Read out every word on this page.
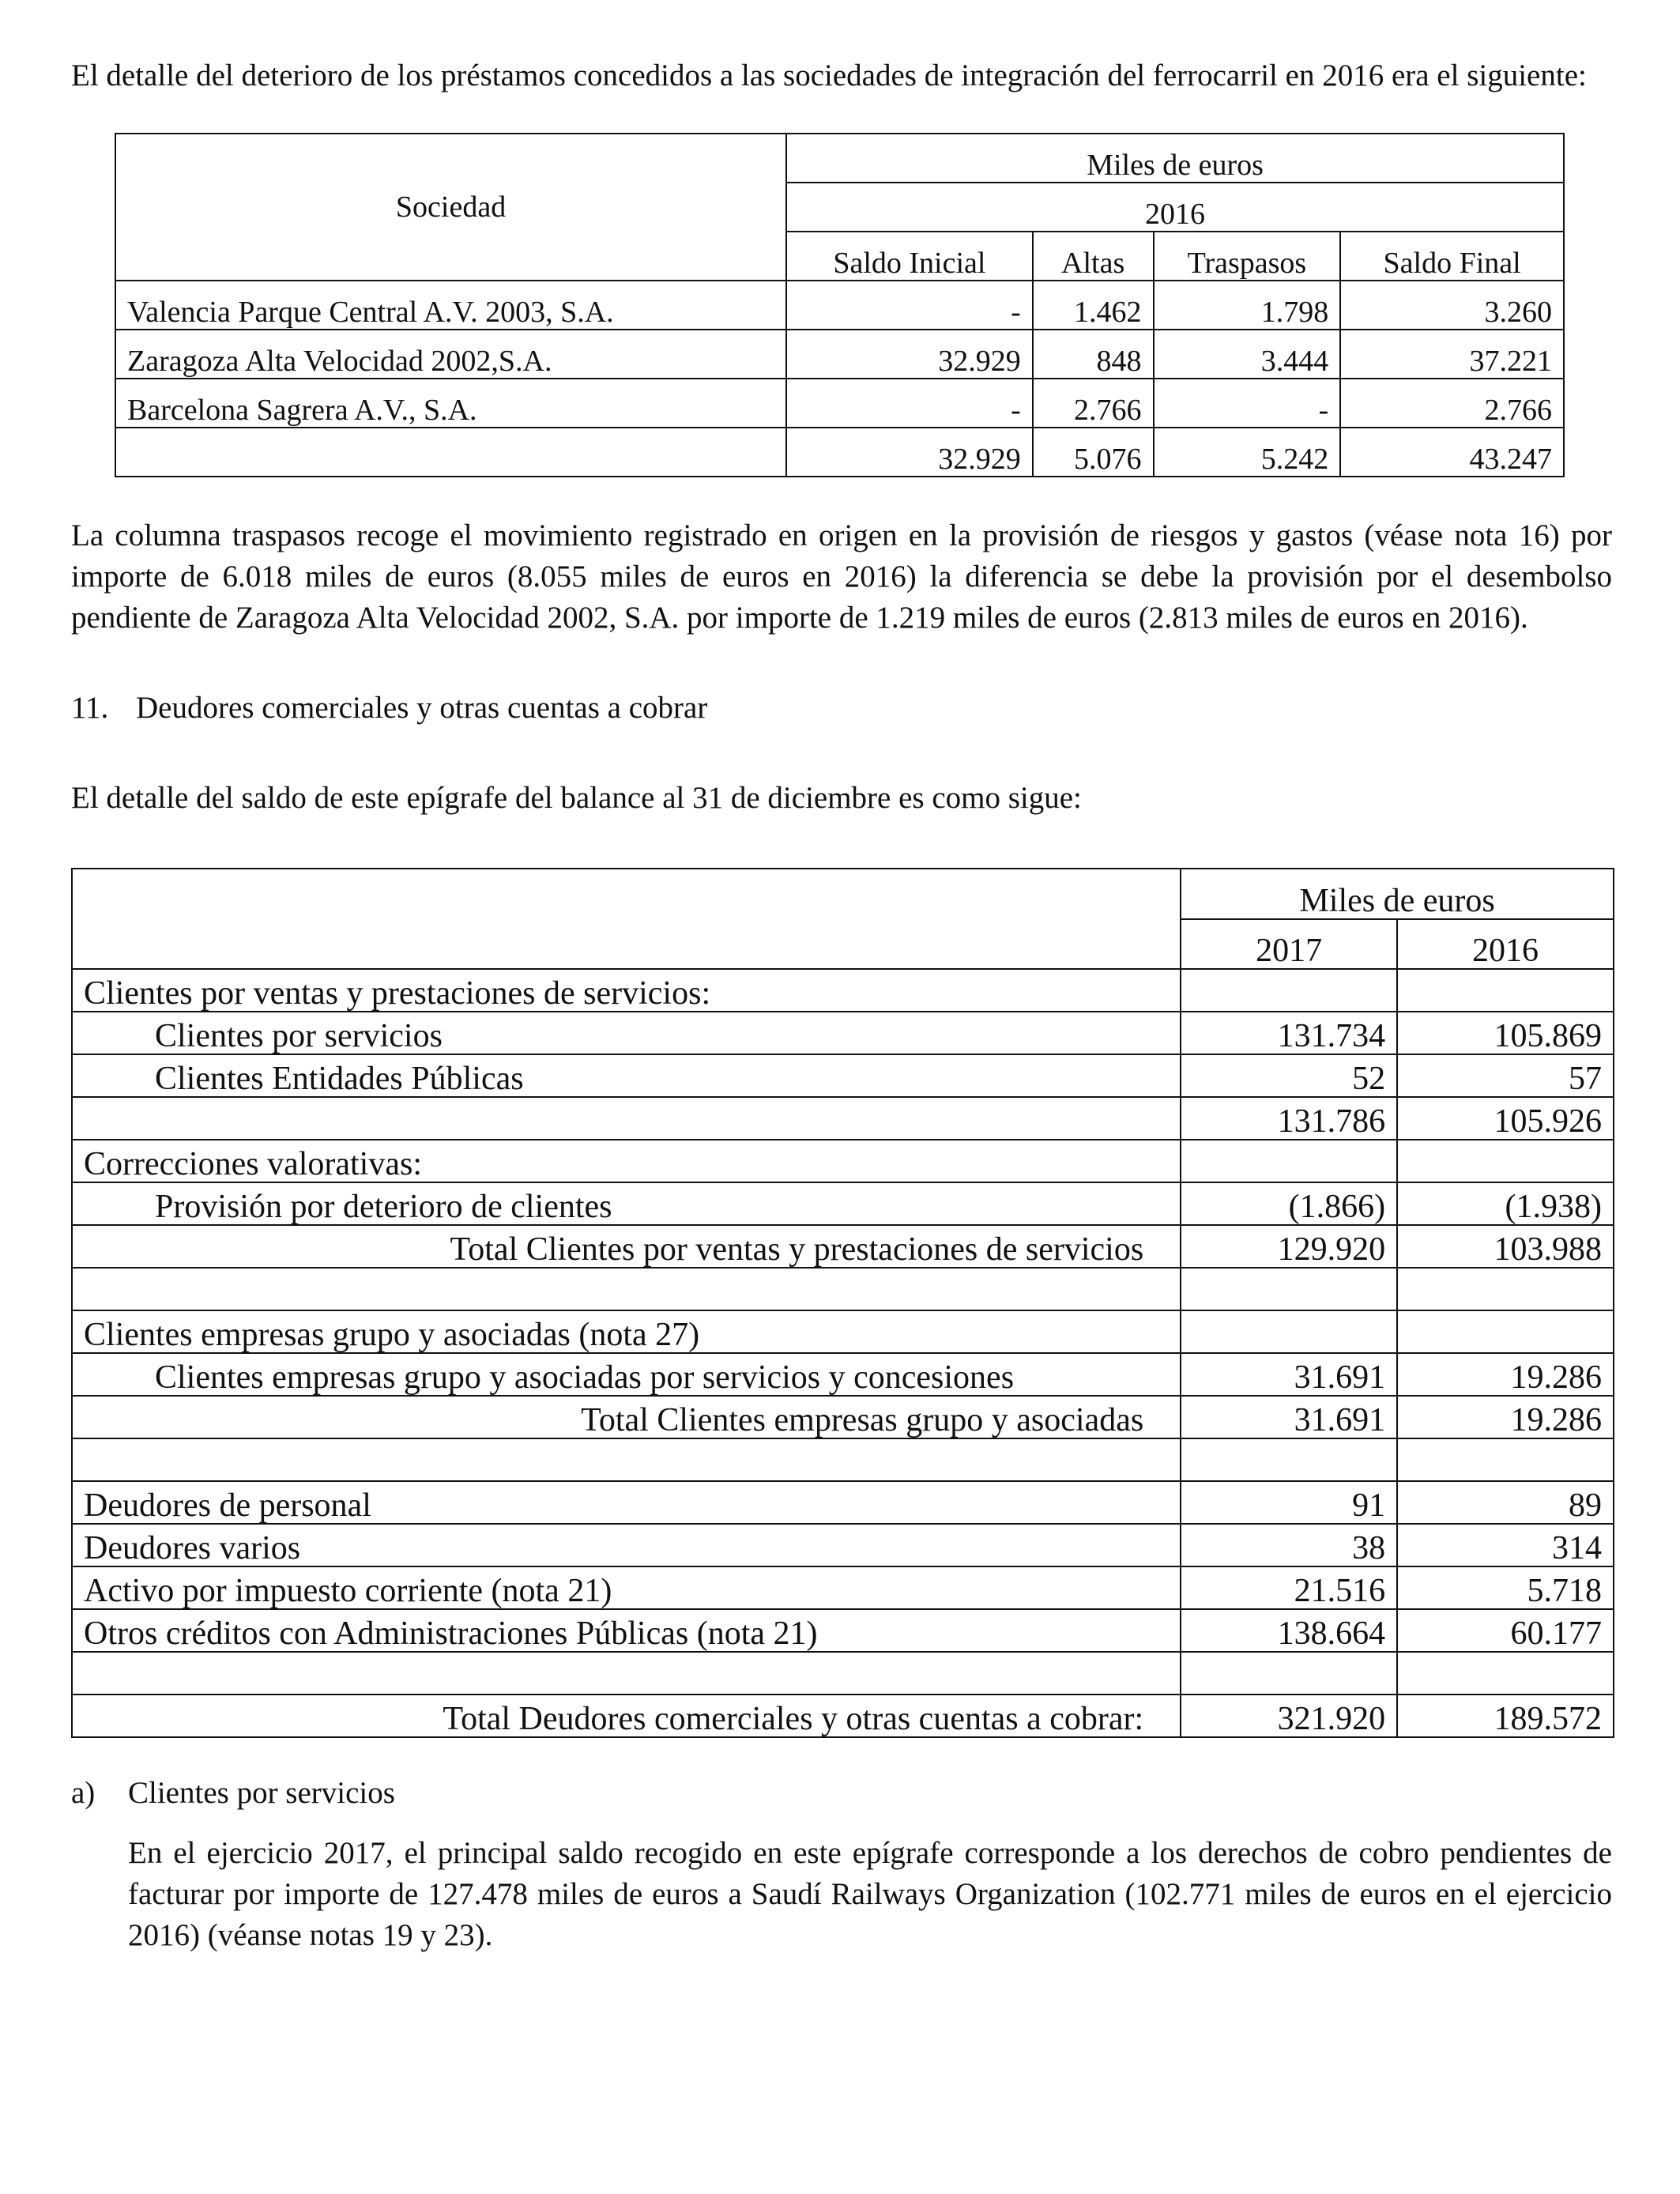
El detalle del deterioro de los préstamos concedidos a las sociedades de integración del ferrocarril en 2016 era el siguiente:

Sociedad	Miles de euros			
	2016			
	Saldo Inicial	Altas	Traspasos	Saldo Final
Valencia Parque Central A.V. 2003, S.A.	-	1.462	1.798	3.260
Zaragoza Alta Velocidad 2002,S.A.	32.929	848	3.444	37.221
Barcelona Sagrera A.V., S.A.	-	2.766	-	2.766
	32.929	5.076	5.242	43.247

La columna traspasos recoge el movimiento registrado en origen en la provisión de riesgos y gastos (véase nota 16) por importe de 6.018 miles de euros (8.055 miles de euros en 2016) la diferencia se debe la provisión por el desembolso pendiente de Zaragoza Alta Velocidad 2002, S.A. por importe de 1.219 miles de euros (2.813 miles de euros en 2016).

11. Deudores comerciales y otras cuentas a cobrar

El detalle del saldo de este epígrafe del balance al 31 de diciembre es como sigue:

	Miles de euros	
	2017	2016
Clientes por ventas y prestaciones de servicios:		
Clientes por servicios	131.734	105.869
Clientes Entidades Públicas	52	57
	131.786	105.926
Correcciones valorativas:		
Provisión por deterioro de clientes	(1.866)	(1.938)
Total Clientes por ventas y prestaciones de servicios	129.920	103.988

Clientes empresas grupo y asociadas (nota 27)		
Clientes empresas grupo y asociadas por servicios y concesiones	31.691	19.286
Total Clientes empresas grupo y asociadas	31.691	19.286

Deudores de personal	91	89
Deudores varios	38	314
Activo por impuesto corriente (nota 21)	21.516	5.718
Otros créditos con Administraciones Públicas (nota 21)	138.664	60.177

Total Deudores comerciales y otras cuentas a cobrar:	321.920	189.572
a) Clientes por servicios

En el ejercicio 2017, el principal saldo recogido en este epígrafe corresponde a los derechos de cobro pendientes de facturar por importe de 127.478 miles de euros a Saudí Railways Organization (102.771 miles de euros en el ejercicio 2016) (véanse notas 19 y 23).
